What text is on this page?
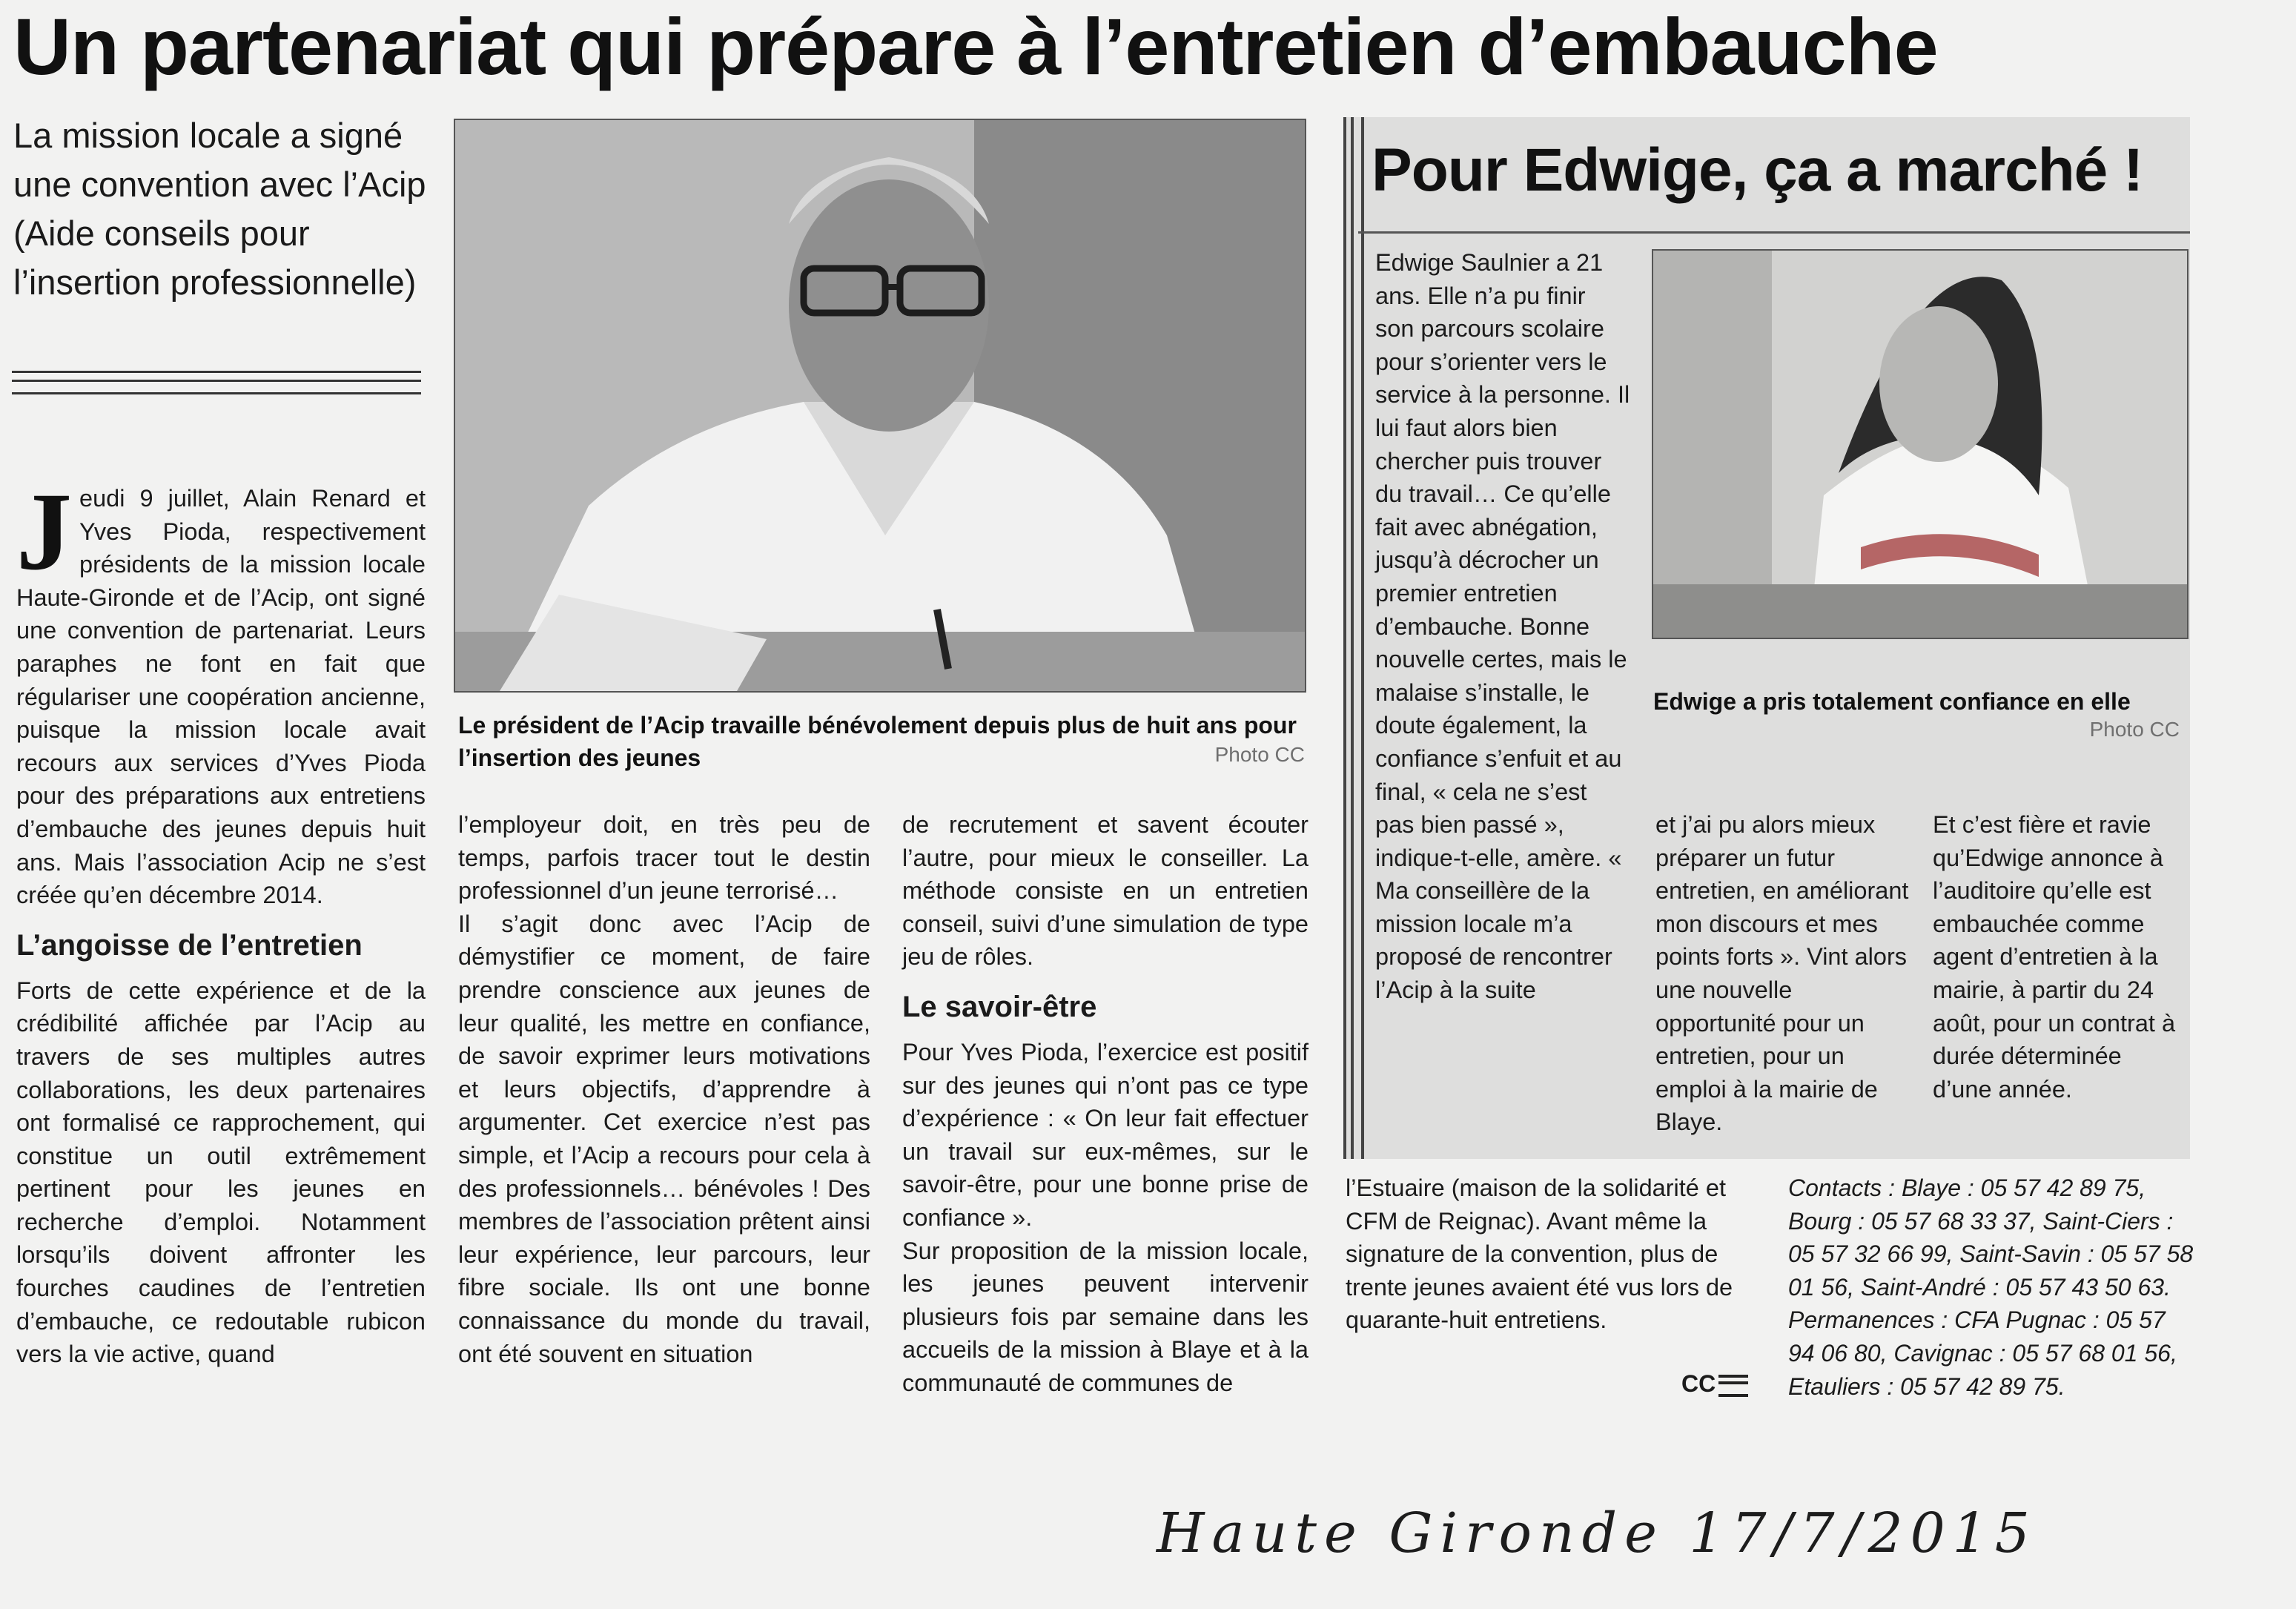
Un partenariat qui prépare à l’entretien d’embauche
La mission locale a signé une convention avec l’Acip (Aide conseils pour l’insertion professionnelle)

Jeudi 9 juillet, Alain Renard et Yves Pioda, respectivement présidents de la mission locale Haute-Gironde et de l’Acip, ont signé une convention de partenariat. Leurs paraphes ne font en fait que régulariser une coopération ancienne, puisque la mission locale avait recours aux services d’Yves Pioda pour des préparations aux entretiens d’embauche des jeunes depuis huit ans. Mais l’association Acip ne s’est créée qu’en décembre 2014.

L’angoisse de l’entretien

Forts de cette expérience et de la crédibilité affichée par l’Acip au travers de ses multiples autres collaborations, les deux partenaires ont formalisé ce rapprochement, qui constitue un outil extrêmement pertinent pour les jeunes en recherche d’emploi. Notamment lorsqu’ils doivent affronter les fourches caudines de l’entretien d’embauche, ce redoutable rubicon vers la vie active, quand

Le président de l’Acip travaille bénévolement depuis plus de huit ans pour l’insertion des jeunes	Photo CC

l’employeur doit, en très peu de temps, parfois tracer tout le destin professionnel d’un jeune terrorisé…

Il s’agit donc avec l’Acip de démystifier ce moment, de faire prendre conscience aux jeunes de leur qualité, les mettre en confiance, de savoir exprimer leurs motivations et leurs objectifs, d’apprendre à argumenter. Cet exercice n’est pas simple, et l’Acip a recours pour cela à des professionnels… bénévoles ! Des membres de l’association prêtent ainsi leur expérience, leur parcours, leur fibre sociale. Ils ont une bonne connaissance du monde du travail, ont été souvent en situation

de recrutement et savent écouter l’autre, pour mieux le conseiller. La méthode consiste en un entretien conseil, suivi d’une simulation de type jeu de rôles.

Le savoir-être

Pour Yves Pioda, l’exercice est positif sur des jeunes qui n’ont pas ce type d’expérience : « On leur fait effectuer un travail sur eux-mêmes, sur le savoir-être, pour une bonne prise de confiance ».

Sur proposition de la mission locale, les jeunes peuvent intervenir plusieurs fois par semaine dans les accueils de la mission à Blaye et à la communauté de communes de

Pour Edwige, ça a marché !

Edwige Saulnier a 21 ans. Elle n’a pu finir son parcours scolaire pour s’orienter vers le service à la personne. Il lui faut alors bien chercher puis trouver du travail… Ce qu’elle fait avec abnégation, jusqu’à décrocher un premier entretien d’embauche. Bonne nouvelle certes, mais le malaise s’installe, le doute également, la confiance s’enfuit et au final, « cela ne s’est pas bien passé », indique-t-elle, amère. « Ma conseillère de la mission locale m’a proposé de rencontrer l’Acip à la suite

Edwige a pris totalement confiance en elle
Photo CC

et j’ai pu alors mieux préparer un futur entretien, en améliorant mon discours et mes points forts ». Vint alors une nouvelle opportunité pour un entretien, pour un emploi à la mairie de Blaye.

Et c’est fière et ravie qu’Edwige annonce à l’auditoire qu’elle est embauchée comme agent d’entretien à la mairie, à partir du 24 août, pour un contrat à durée déterminée d’une année.

l’Estuaire (maison de la solidarité et CFM de Reignac). Avant même la signature de la convention, plus de trente jeunes avaient été vus lors de quarante-huit entretiens.

Contacts : Blaye : 05 57 42 89 75,

Bourg : 05 57 68 33 37, Saint-Ciers : 05 57 32 66 99, Saint-Savin : 05 57 58 01 56, Saint-André : 05 57 43 50 63.

Permanences : CFA Pugnac : 05 57 94 06 80, Cavignac : 05 57 68 01 56, Etauliers : 05 57 42 89 75.

CC
Haute Gironde 17/7/2015
